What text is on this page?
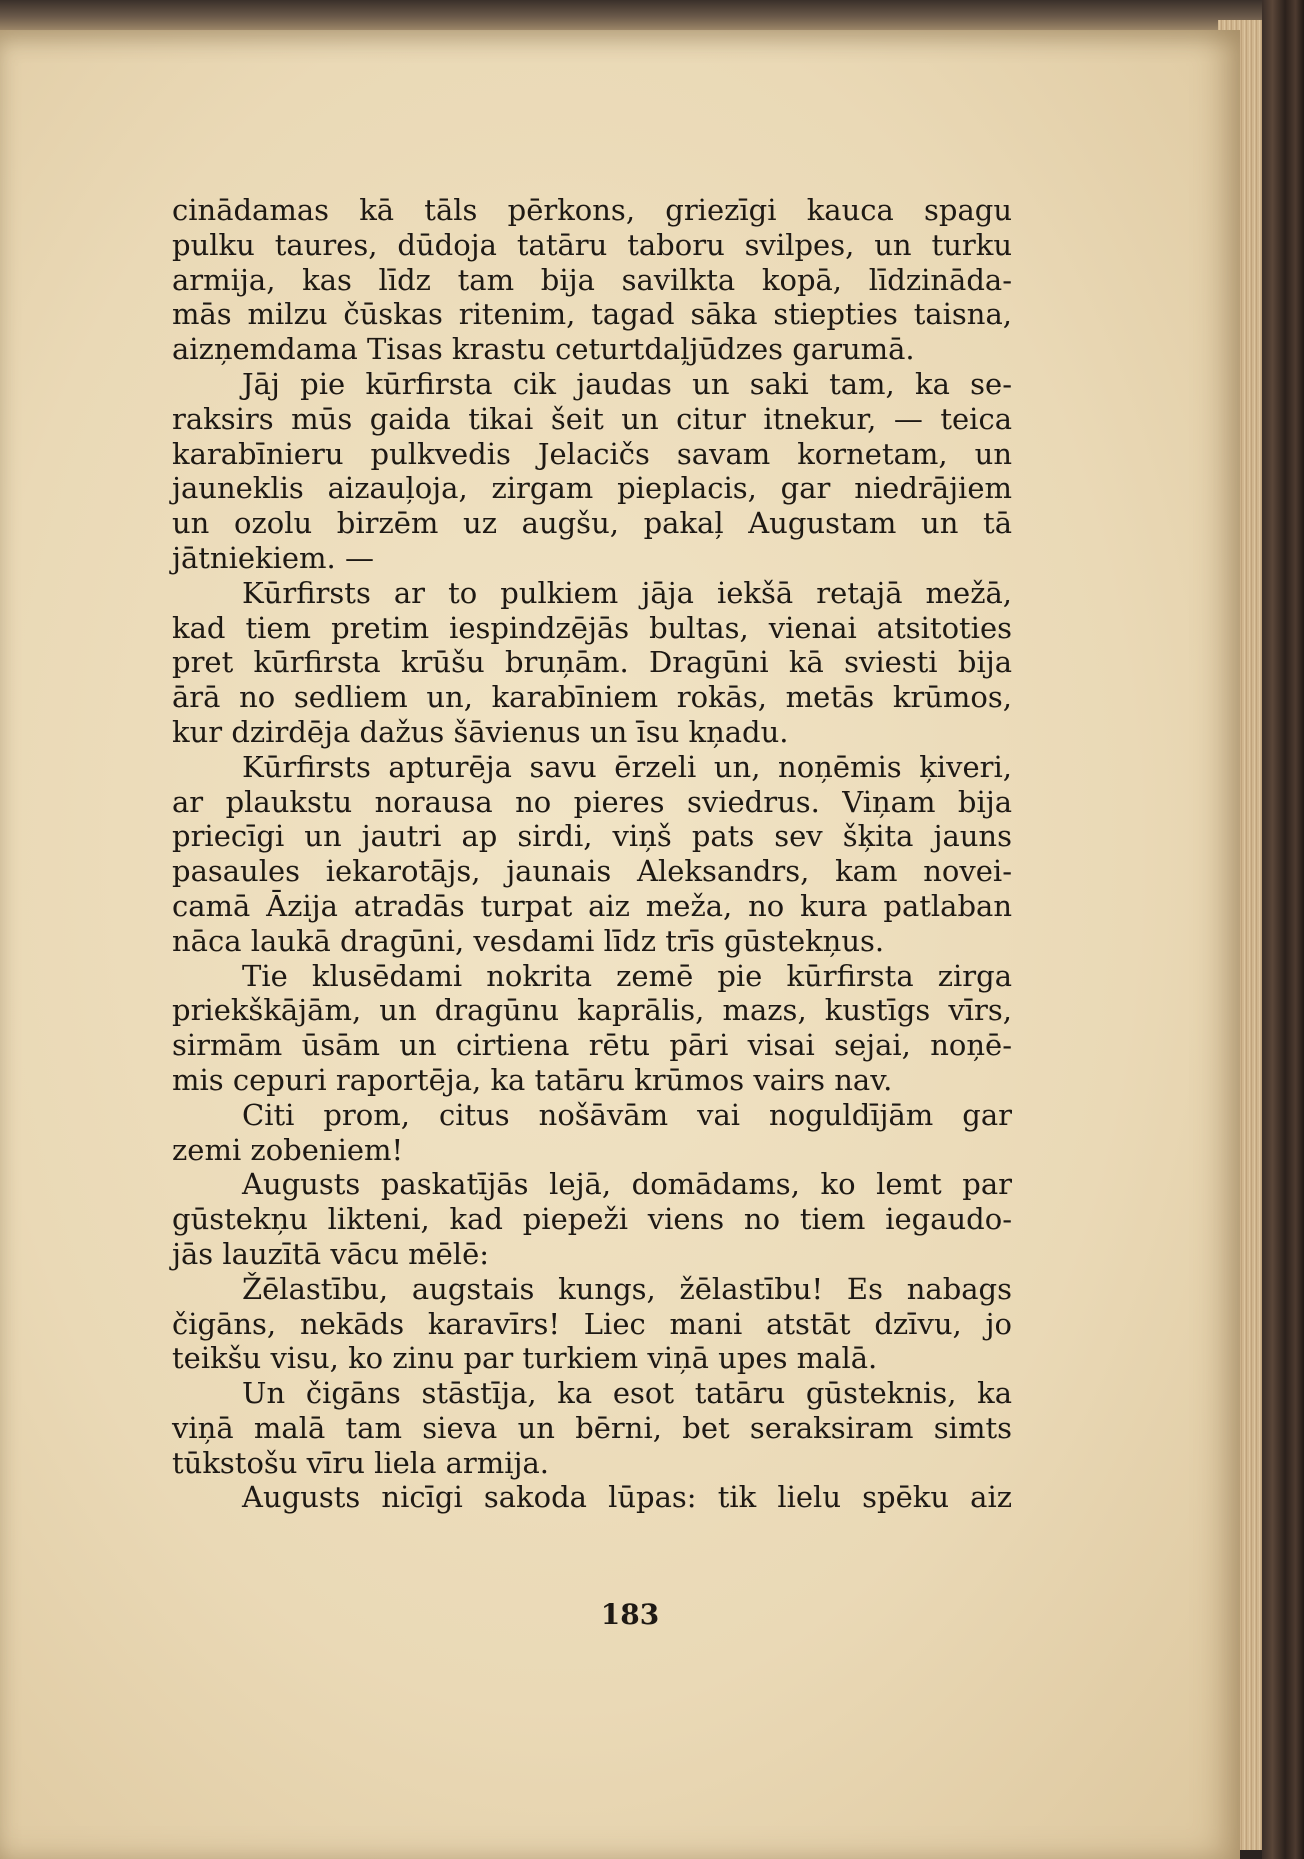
cinādamas kā tāls pērkons, griezīgi kauca spagu
pulku taures, dūdoja tatāru taboru svilpes, un turku
armija, kas līdz tam bija savilkta kopā, līdzināda-
mās milzu čūskas ritenim, tagad sāka stiepties taisna,
aizņemdama Tisas krastu ceturtdaļjūdzes garumā.
Jāj pie kūrfirsta cik jaudas un saki tam, ka se-
raksirs mūs gaida tikai šeit un citur itnekur, — teica
karabīnieru pulkvedis Jelacičs savam kornetam, un
jauneklis aizauļoja, zirgam pieplacis, gar niedrājiem
un ozolu birzēm uz augšu, pakaļ Augustam un tā
jātniekiem. —
Kūrfirsts ar to pulkiem jāja iekšā retajā mežā,
kad tiem pretim iespindzējās bultas, vienai atsitoties
pret kūrfirsta krūšu bruņām. Dragūni kā sviesti bija
ārā no sedliem un, karabīniem rokās, metās krūmos,
kur dzirdēja dažus šāvienus un īsu kņadu.
Kūrfirsts apturēja savu ērzeli un, noņēmis ķiveri,
ar plaukstu norausa no pieres sviedrus. Viņam bija
priecīgi un jautri ap sirdi, viņš pats sev šķita jauns
pasaules iekarotājs, jaunais Aleksandrs, kam novei-
camā Āzija atradās turpat aiz meža, no kura patlaban
nāca laukā dragūni, vesdami līdz trīs gūstekņus.
Tie klusēdami nokrita zemē pie kūrfirsta zirga
priekškājām, un dragūnu kaprālis, mazs, kustīgs vīrs,
sirmām ūsām un cirtiena rētu pāri visai sejai, noņē-
mis cepuri raportēja, ka tatāru krūmos vairs nav.
Citi prom, citus nošāvām vai noguldījām gar
zemi zobeniem!
Augusts paskatījās lejā, domādams, ko lemt par
gūstekņu likteni, kad piepeži viens no tiem iegaudo-
jās lauzītā vācu mēlē:
Žēlastību, augstais kungs, žēlastību! Es nabags
čigāns, nekāds karavīrs! Liec mani atstāt dzīvu, jo
teikšu visu, ko zinu par turkiem viņā upes malā.
Un čigāns stāstīja, ka esot tatāru gūsteknis, ka
viņā malā tam sieva un bērni, bet seraksiram simts
tūkstošu vīru liela armija.
Augusts nicīgi sakoda lūpas: tik lielu spēku aiz
183
